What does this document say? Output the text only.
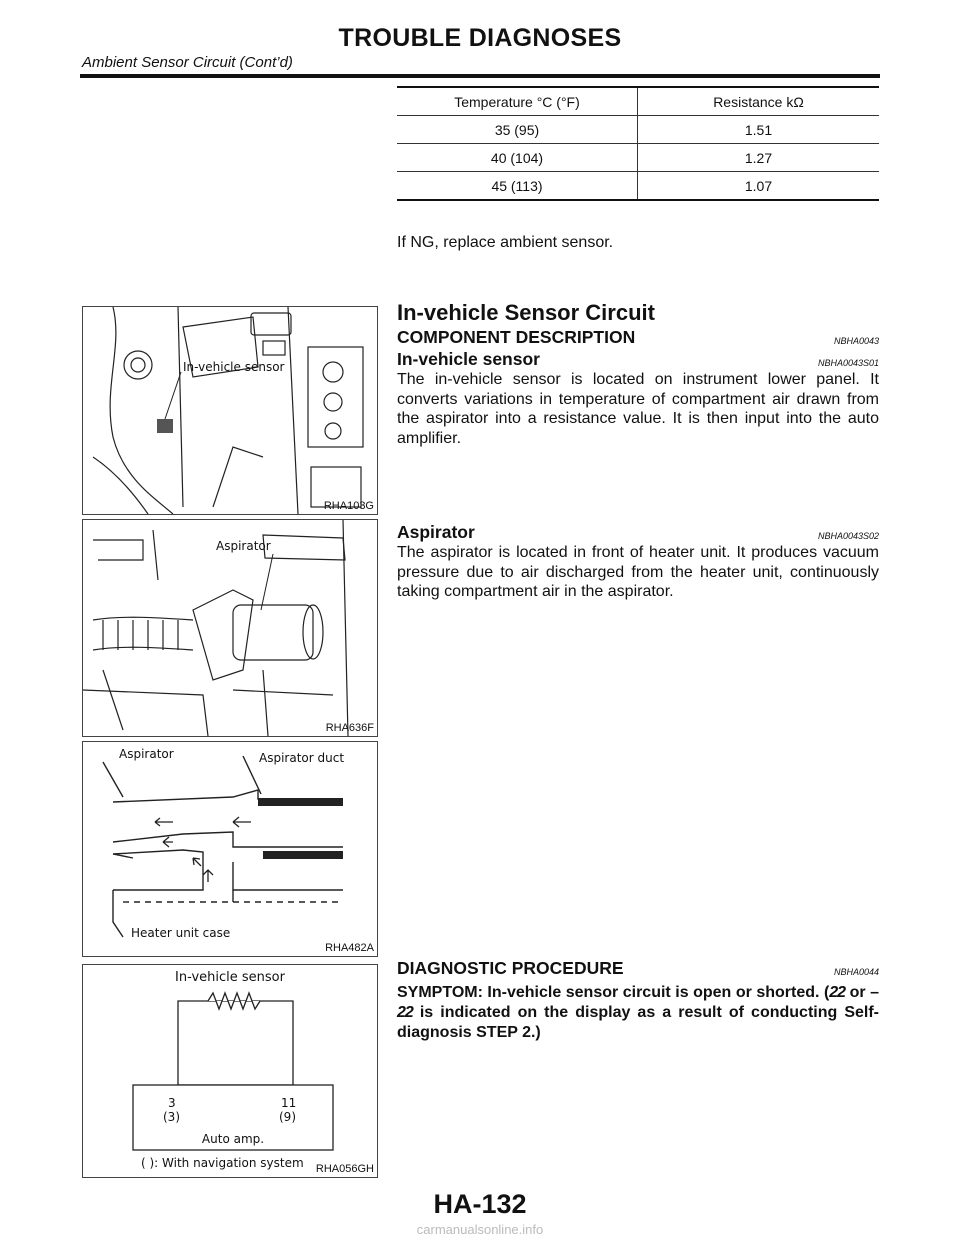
TROUBLE DIAGNOSES
Ambient Sensor Circuit (Cont’d)
Temperature °C (°F)	Resistance kΩ
35 (95)	1.51
40 (104)	1.27
45 (113)	1.07
If NG, replace ambient sensor.
In-vehicle Sensor Circuit
COMPONENT DESCRIPTION	NBHA0043
In-vehicle sensor	NBHA0043S01
The in-vehicle sensor is located on instrument lower panel. It converts variations in temperature of compartment air drawn from the aspirator into a resistance value. It is then input into the auto amplifier.
Aspirator	NBHA0043S02
The aspirator is located in front of heater unit. It produces vacuum pressure due to air discharged from the heater unit, continuously taking compartment air in the aspirator.
DIAGNOSTIC PROCEDURE	NBHA0044
SYMPTOM: In-vehicle sensor circuit is open or shorted. (22 or –22 is indicated on the display as a result of conducting Self-diagnosis STEP 2.)
In-vehicle sensor
RHA103G
Aspirator
RHA636F
Aspirator	Aspirator duct
Heater unit case
RHA482A
In-vehicle sensor
3
(3)
11
(9)
Auto amp.
( ): With navigation system RHA056GH
HA-132
carmanualsonline.info
